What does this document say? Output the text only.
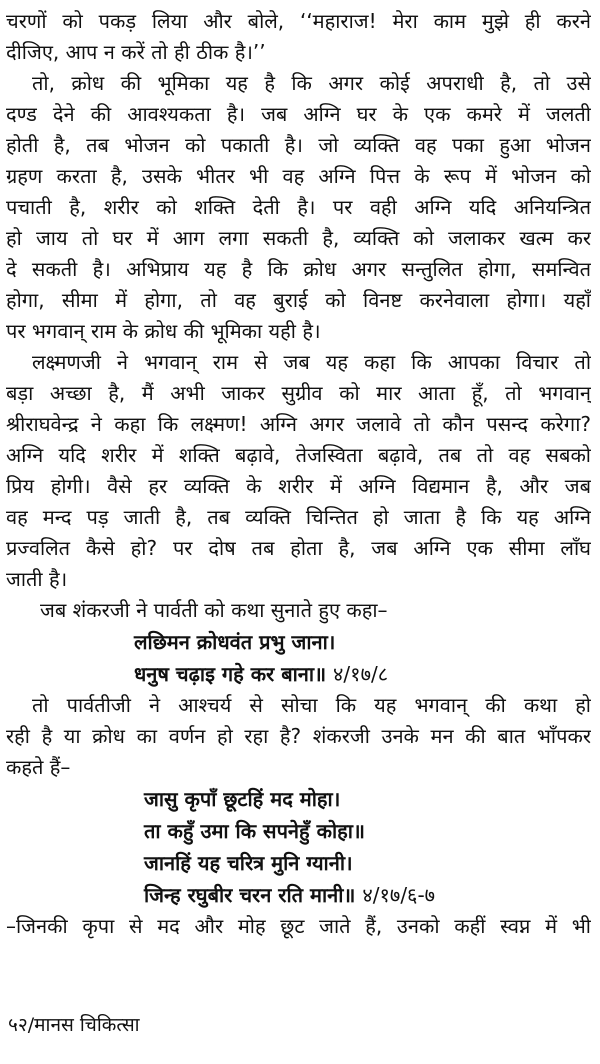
चरणों को पकड़ लिया और बोले, ‘‘महाराज! मेरा काम मुझे ही करने
दीजिए, आप न करें तो ही ठीक है।’’
तो, क्रोध की भूमिका यह है कि अगर कोई अपराधी है, तो उसे
दण्ड देने की आवश्यकता है। जब अग्नि घर के एक कमरे में जलती
होती है, तब भोजन को पकाती है। जो व्यक्ति वह पका हुआ भोजन
ग्रहण करता है, उसके भीतर भी वह अग्नि पित्त के रूप में भोजन को
पचाती है, शरीर को शक्ति देती है। पर वही अग्नि यदि अनियन्त्रित
हो जाय तो घर में आग लगा सकती है, व्यक्ति को जलाकर खत्म कर
दे सकती है। अभिप्राय यह है कि क्रोध अगर सन्तुलित होगा, समन्वित
होगा, सीमा में होगा, तो वह बुराई को विनष्ट करनेवाला होगा। यहाँ
पर भगवान् राम के क्रोध की भूमिका यही है।
लक्ष्मणजी ने भगवान् राम से जब यह कहा कि आपका विचार तो
बड़ा अच्छा है, मैं अभी जाकर सुग्रीव को मार आता हूँ, तो भगवान्
श्रीराघवेन्द्र ने कहा कि लक्ष्मण! अग्नि अगर जलावे तो कौन पसन्द करेगा?
अग्नि यदि शरीर में शक्ति बढ़ावे, तेजस्विता बढ़ावे, तब तो वह सबको
प्रिय होगी। वैसे हर व्यक्ति के शरीर में अग्नि विद्यमान है, और जब
वह मन्द पड़ जाती है, तब व्यक्ति चिन्तित हो जाता है कि यह अग्नि
प्रज्वलित कैसे हो? पर दोष तब होता है, जब अग्नि एक सीमा लाँघ
जाती है।
जब शंकरजी ने पार्वती को कथा सुनाते हुए कहा–
लछिमन क्रोधवंत प्रभु जाना।
धनुष चढ़ाइ गहे कर बाना॥ ४/१७/८
तो पार्वतीजी ने आश्चर्य से सोचा कि यह भगवान् की कथा हो
रही है या क्रोध का वर्णन हो रहा है? शंकरजी उनके मन की बात भाँपकर
कहते हैं–
जासु कृपाँ छूटहिं मद मोहा।
ता कहुँ उमा कि सपनेहुँ कोहा॥
जानहिं यह चरित्र मुनि ग्यानी।
जिन्ह रघुबीर चरन रति मानी॥ ४/१७/६-७
–जिनकी कृपा से मद और मोह छूट जाते हैं, उनको कहीं स्वप्न में भी
५२/मानस चिकित्सा
